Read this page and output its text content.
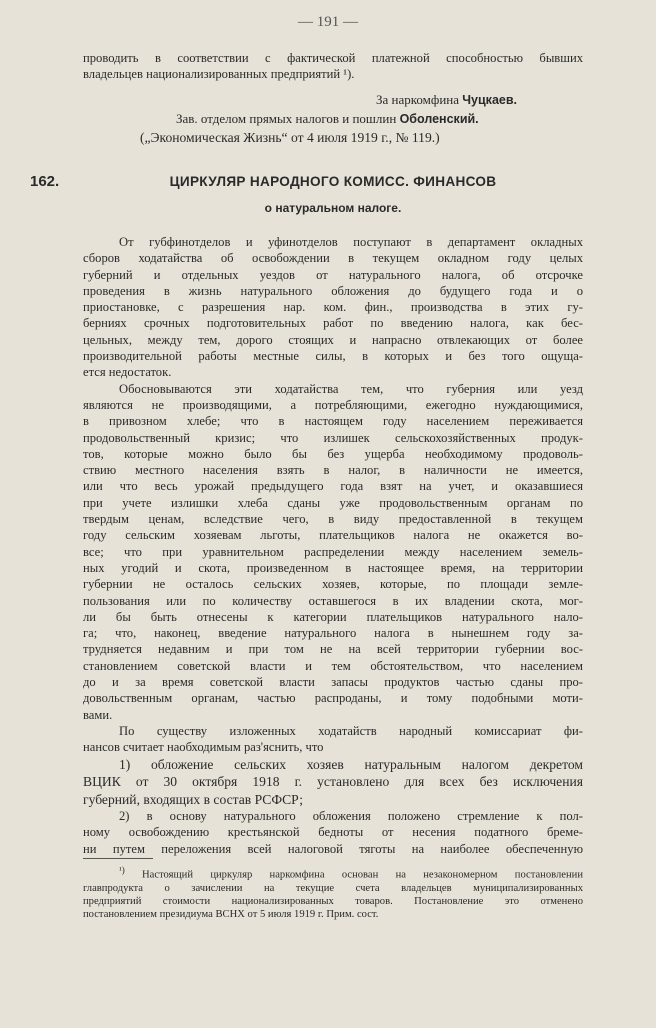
— 191 —
проводить в соответствии с фактической платежной способностью бывших
владельцев национализированных предприятий ¹).
За наркомфина Чуцкаев.
Зав. отделом прямых налогов и пошлин Оболенский.
(„Экономическая Жизнь“ от 4 июля 1919 г., № 119.)
162.	ЦИРКУЛЯР НАРОДНОГО КОМИСС. ФИНАНСОВ
о натуральном налоге.
От губфинотделов и уфинотделов поступают в департамент окладных
сборов ходатайства об освобождении в текущем окладном году целых
губерний и отдельных уездов от натурального налога, об отсрочке
проведения в жизнь натурального обложения до будущего года и о
приостановке, с разрешения нар. ком. фин., производства в этих гу-
берниях срочных подготовительных работ по введению налога, как бес-
цельных, между тем, дорого стоящих и напрасно отвлекающих от более
производительной работы местные силы, в которых и без того ощуща-
ется недостаток.
Обосновываются эти ходатайства тем, что губерния или уезд
являются не производящими, а потребляющими, ежегодно нуждающимися,
в привозном хлебе; что в настоящем году населением переживается
продовольственный кризис; что излишек сельскохозяйственных продук-
тов, которые можно было бы без ущерба необходимому продоволь-
ствию местного населения взять в налог, в наличности не имеется,
или что весь урожай предыдущего года взят на учет, и оказавшиеся
при учете излишки хлеба сданы уже продовольственным органам по
твердым ценам, вследствие чего, в виду предоставленной в текущем
году сельским хозяевам льготы, плательщиков налога не окажется во-
все; что при уравнительном распределении между населением земель-
ных угодий и скота, произведенном в настоящее время, на территории
губернии не осталось сельских хозяев, которые, по площади земле-
пользования или по количеству оставшегося в их владении скота, мог-
ли бы быть отнесены к категории плательщиков натурального нало-
га; что, наконец, введение натурального налога в нынешнем году за-
трудняется недавним и при том не на всей территории губернии вос-
становлением советской власти и тем обстоятельством, что населением
до и за время советской власти запасы продуктов частью сданы про-
довольственным органам, частью распроданы, и тому подобными моти-
вами.
По существу изложенных ходатайств народный комиссариат фи-
нансов считает наобходимым раз'яснить, что
1) обложение сельских хозяев натуральным налогом декретом
ВЦИК от 30 октября 1918 г. установлено для всех без исключения
губерний, входящих в состав РСФСР;
2) в основу натурального обложения положено стремление к пол-
ному освобождению крестьянской бедноты от несения податного бреме-
ни путем переложения всей налоговой тяготы на наиболее обеспеченную
$^{^1)}$ Настоящий циркуляр наркомфина основан на незакономерном постановлении
главпродукта о зачислении на текущие счета владельцев муниципализированных
предприятий стоимости национализированных товаров. Постановление это отменено
постановлением президиума ВСНХ от 5 июля 1919 г. Прим. сост.
